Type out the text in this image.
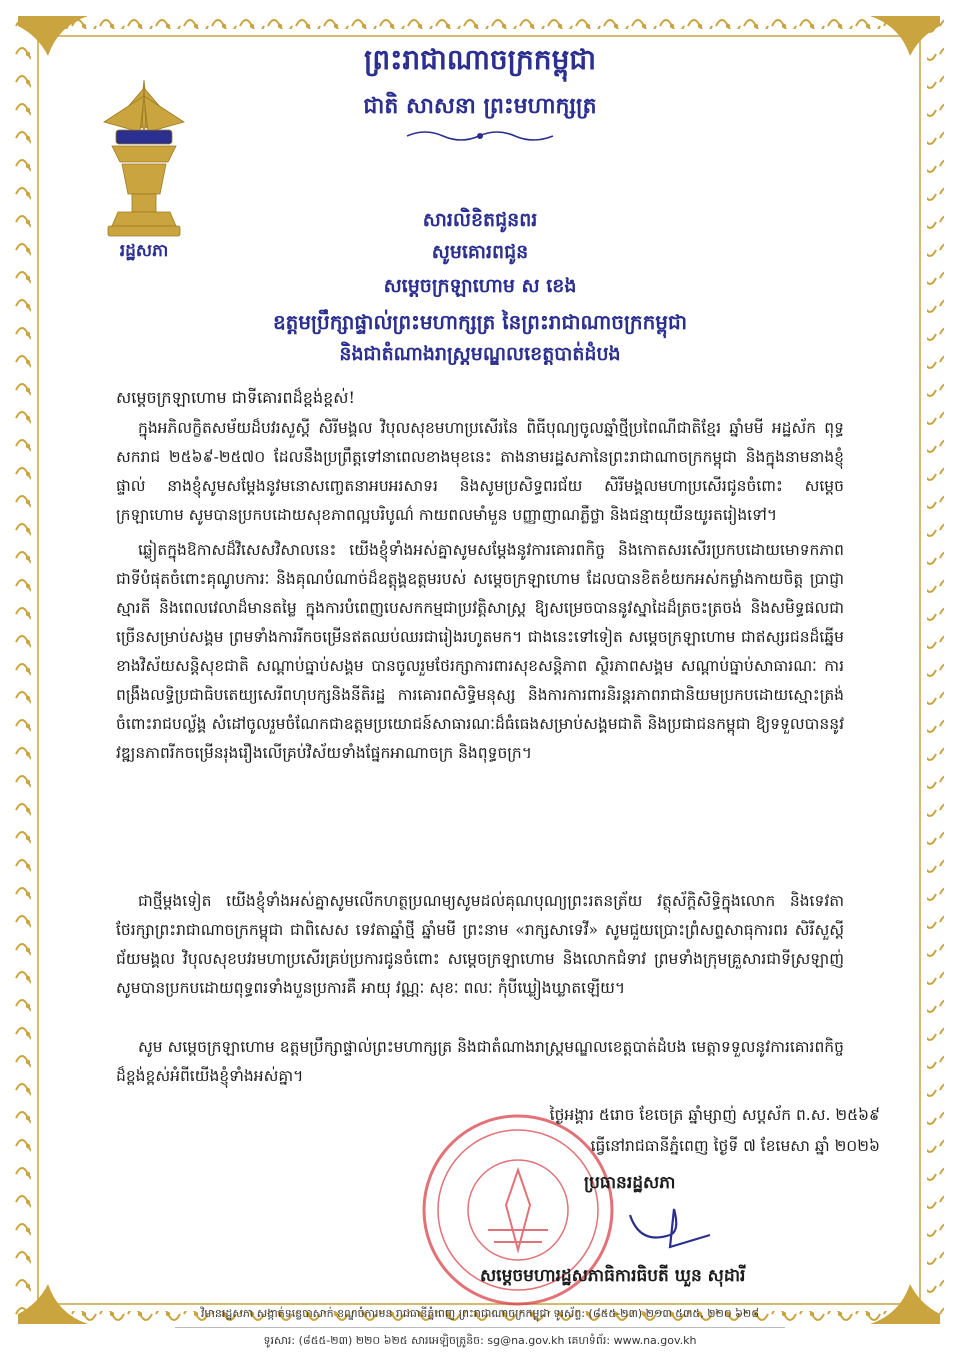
រដ្ឋសភា
ព្រះរាជាណាចក្រកម្ពុជា
ជាតិ សាសនា ព្រះមហាក្សត្រ
សារលិខិតជូនពរ
សូមគោរពជូន
សម្ដេចក្រឡាហោម ស ខេង
ឧត្តមប្រឹក្សាផ្ទាល់ព្រះមហាក្សត្រ នៃព្រះរាជាណាចក្រកម្ពុជា
និងជាតំណាងរាស្ត្រមណ្ឌលខេត្តបាត់ដំបង
សម្ដេចក្រឡាហោម ជាទីគោរពដ៏ខ្ពង់ខ្ពស់!
ក្នុងអភិលក្ខិតសម័យដ៏បវរសួស្ដី សិរីមង្គល វិបុលសុខមហាប្រសើរនៃ ពិធីបុណ្យចូលឆ្នាំថ្មីប្រពៃណីជាតិខ្មែរ ឆ្នាំមមី អដ្ឋស័ក ពុទ្ធសករាជ ២៥៦៩-២៥៧០ ដែលនឹងប្រព្រឹត្តទៅនាពេលខាងមុខនេះ តាងនាមរដ្ឋសភានៃព្រះរាជាណាចក្រកម្ពុជា និងក្នុងនាមនាងខ្ញុំផ្ទាល់ នាងខ្ញុំសូមសម្ដែងនូវមនោសញ្ចេតនាអបអរសាទរ និងសូមប្រសិទ្ធពរជ័យ សិរីមង្គលមហាប្រសើរជូនចំពោះ សម្ដេចក្រឡាហោម សូមបានប្រកបដោយសុខភាពល្អបរិបូណ៌ កាយពលមាំមួន បញ្ញាញាណភ្លឺថ្លា និងជន្មាយុយឺនយូរតរៀងទៅ។
ឆ្លៀតក្នុងឱកាសដ៏វិសេសវិសាលនេះ យើងខ្ញុំទាំងអស់គ្នាសូមសម្ដែងនូវការគោរពកិច្ច និងកោតសរសើរប្រកបដោយមោទកភាពជាទីបំផុតចំពោះគុណូបការៈ និងគុណបំណាច់ដ៏ឧត្តុង្គឧត្តមរបស់ សម្ដេចក្រឡាហោម ដែលបានខិតខំយកអស់កម្លាំងកាយចិត្ត ប្រាជ្ញាស្មារតី និងពេលវេលាដ៏មានតម្លៃ ក្នុងការបំពេញបេសកកម្មជាប្រវត្តិសាស្ត្រ ឱ្យសម្រេចបាននូវស្នាដៃដ៏ត្រចះត្រចង់ និងសមិទ្ធផលជាច្រើនសម្រាប់សង្គម ព្រមទាំងការរីកចម្រើនឥតឈប់ឈរជារៀងរហូតមក។ ជាងនេះទៅទៀត សម្ដេចក្រឡាហោម ជាឥស្សរជនដ៏ឆ្នើមខាងវិស័យសន្តិសុខជាតិ សណ្ដាប់ធ្នាប់សង្គម បានចូលរួមថែរក្សាការពារសុខសន្តិភាព ស្ថិរភាពសង្គម សណ្ដាប់ធ្នាប់សាធារណៈ ការពង្រឹងលទ្ធិប្រជាធិបតេយ្យសេរីពហុបក្សនិងនីតិរដ្ឋ ការគោរពសិទ្ធិមនុស្ស និងការការពារនិរន្តរភាពរាជានិយមប្រកបដោយស្មោះត្រង់ចំពោះរាជបល្ល័ង្គ សំដៅចូលរួមចំណែកជាឧត្តមប្រយោជន៍សាធារណៈដ៏ធំធេងសម្រាប់សង្គមជាតិ និងប្រជាជនកម្ពុជា ឱ្យទទួលបាននូវវឌ្ឍនភាពរីកចម្រើនរុងរឿងលើគ្រប់វិស័យទាំងផ្នែកអាណាចក្រ និងពុទ្ធចក្រ។
ជាថ្មីម្ដងទៀត យើងខ្ញុំទាំងអស់គ្នាសូមលើកហត្ថប្រណម្យសូមដល់គុណបុណ្យព្រះរតនត្រ័យ វត្ថុស័ក្តិសិទ្ធិក្នុងលោក និងទេវតាថែរក្សាព្រះរាជាណាចក្រកម្ពុជា ជាពិសេស ទេវតាឆ្នាំថ្មី ឆ្នាំមមី ព្រះនាម «រាក្សសាទេវី» សូមជួយប្រោះព្រំសព្ទសាធុការពរ សិរីសួស្ដី ជ័យមង្គល វិបុលសុខបវរមហាប្រសើរគ្រប់ប្រការជូនចំពោះ សម្ដេចក្រឡាហោម និងលោកជំទាវ ព្រមទាំងក្រុមគ្រួសារជាទីស្រឡាញ់ សូមបានប្រកបដោយពុទ្ធពរទាំងបួនប្រការគឺ អាយុ វណ្ណៈ សុខៈ ពលៈ កុំបីឃ្លៀងឃ្លាតឡើយ។
សូម សម្ដេចក្រឡាហោម ឧត្តមប្រឹក្សាផ្ទាល់ព្រះមហាក្សត្រ និងជាតំណាងរាស្ត្រមណ្ឌលខេត្តបាត់ដំបង មេត្តាទទួលនូវការគោរពកិច្ចដ៏ខ្ពង់ខ្ពស់អំពីយើងខ្ញុំទាំងអស់គ្នា។
ថ្ងៃអង្គារ ៥រោច ខែចេត្រ ឆ្នាំម្សាញ់ សប្តស័ក ព.ស. ២៥៦៩
ធ្វើនៅរាជធានីភ្នំពេញ ថ្ងៃទី ៧ ខែមេសា ឆ្នាំ ២០២៦
ប្រធានរដ្ឋសភា
សម្ដេចមហារដ្ឋសភាធិការធិបតី ឃួន សុដារី
វិមានរដ្ឋសភា សង្កាត់ទន្លេបាសាក់ ខណ្ឌចំការមន រាជធានីភ្នំពេញ ព្រះរាជាណាចក្រកម្ពុជា ទូរស័ព្ទ: (៨៥៥-២៣) ២១៣ ៥៣៥, ២២០ ៦២៨
ទូរសារ: (៨៥៥-២៣) ២២០ ៦២៥ សារអេឡិចត្រូនិច: sg@na.gov.kh គេហទំព័រ: www.na.gov.kh
